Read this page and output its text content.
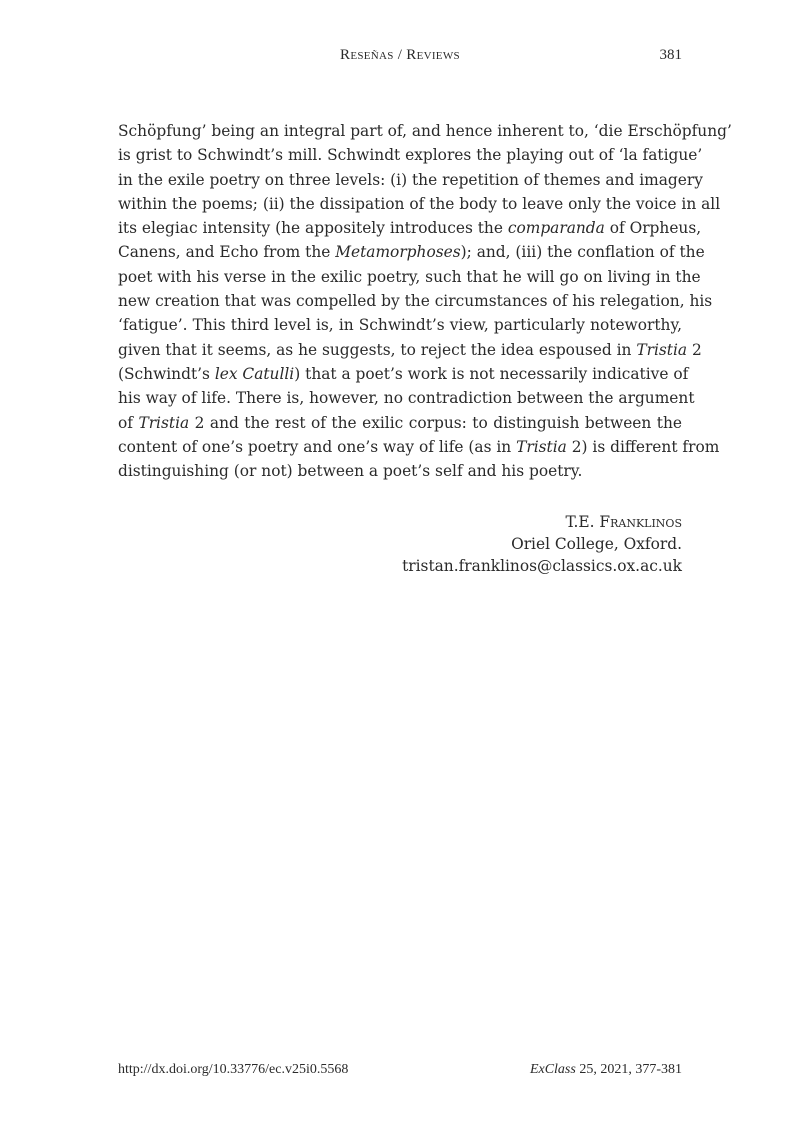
Reseñas / Reviews	381
Schöpfung’ being an integral part of, and hence inherent to, ‘die Erschöpfung’
is grist to Schwindt’s mill. Schwindt explores the playing out of ‘la fatigue’
in the exile poetry on three levels: (i) the repetition of themes and imagery
within the poems; (ii) the dissipation of the body to leave only the voice in all
its elegiac intensity (he appositely introduces the comparanda of Orpheus,
Canens, and Echo from the Metamorphoses); and, (iii) the conflation of the
poet with his verse in the exilic poetry, such that he will go on living in the
new creation that was compelled by the circumstances of his relegation, his
‘fatigue’. This third level is, in Schwindt’s view, particularly noteworthy,
given that it seems, as he suggests, to reject the idea espoused in Tristia 2
(Schwindt’s lex Catulli) that a poet’s work is not necessarily indicative of
his way of life. There is, however, no contradiction between the argument
of Tristia 2 and the rest of the exilic corpus: to distinguish between the
content of one’s poetry and one’s way of life (as in Tristia 2) is different from
distinguishing (or not) between a poet’s self and his poetry.
T.E. Franklinos
Oriel College, Oxford.
tristan.franklinos@classics.ox.ac.uk
http://dx.doi.org/10.33776/ec.v25i0.5568	ExClass 25, 2021, 377-381
